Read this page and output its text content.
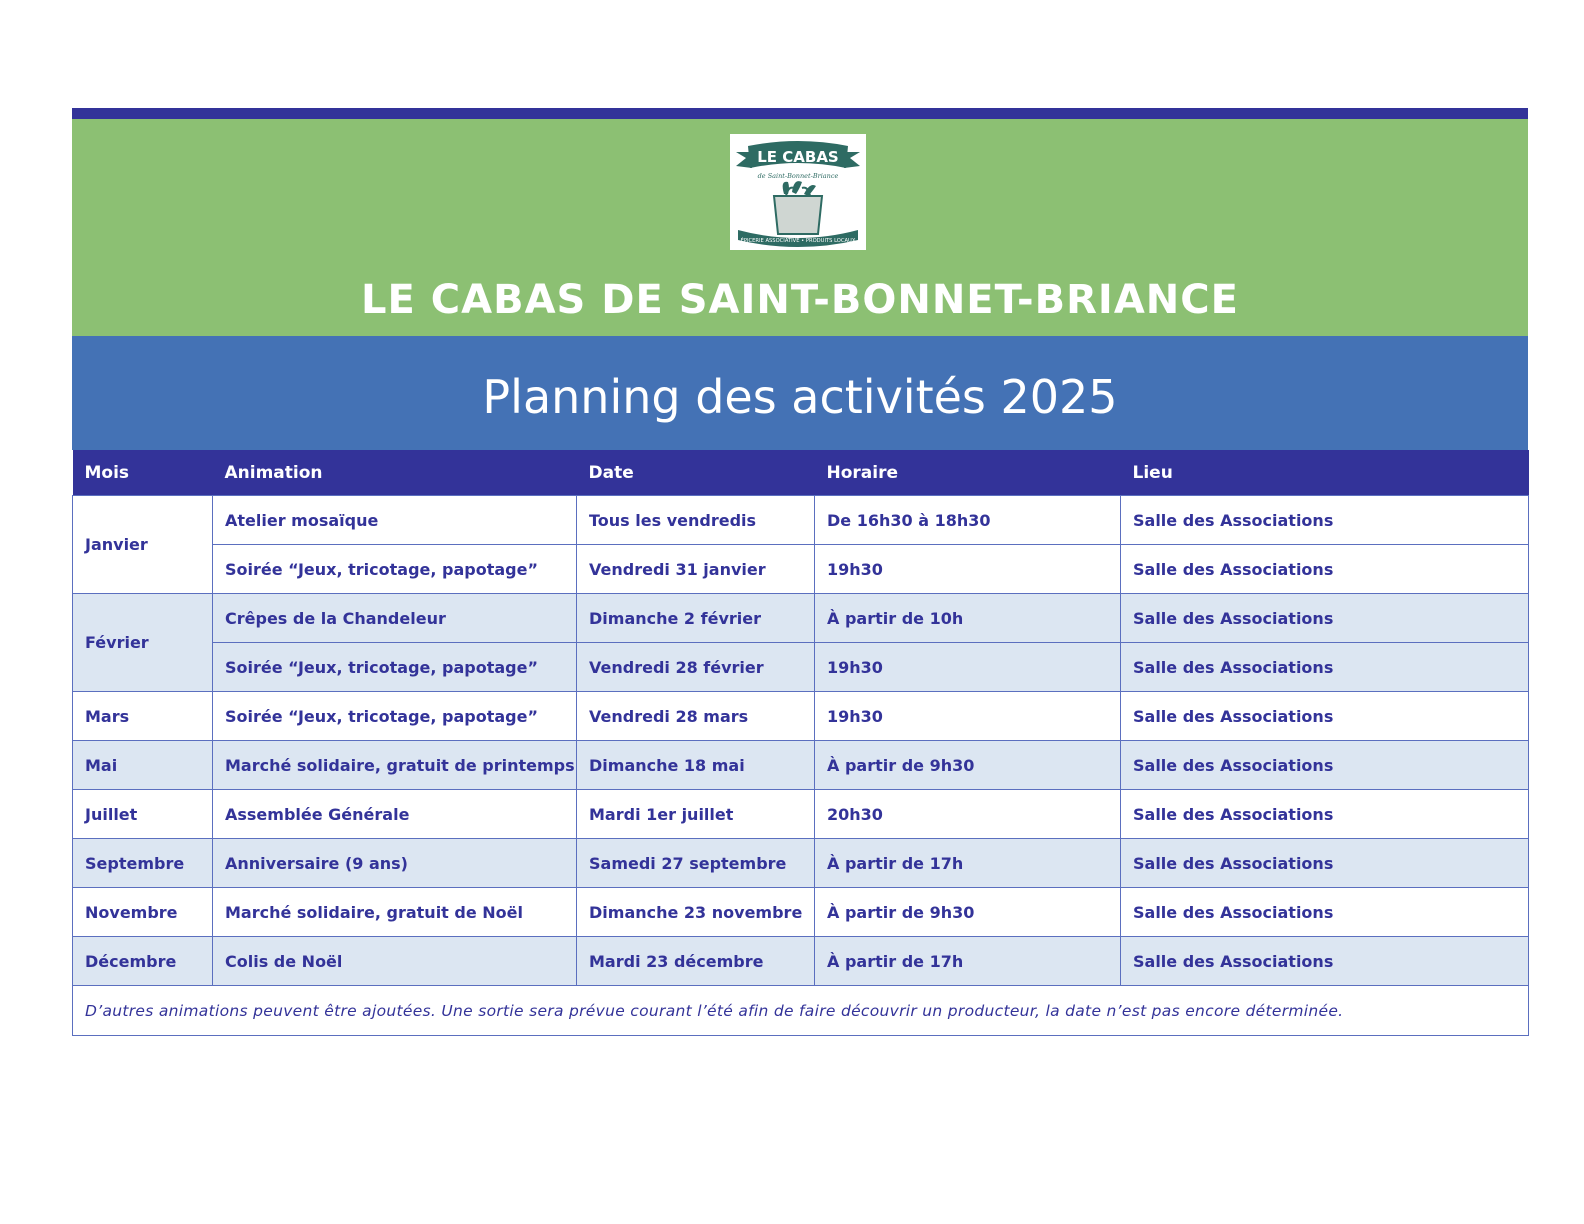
LE CABAS
de Saint-Bonnet-Briance
ÉPICERIE ASSOCIATIVE • PRODUITS LOCAUX
LE CABAS DE SAINT-BONNET-BRIANCE
Planning des activités 2025
Mois	Animation	Date	Horaire	Lieu
Janvier	Atelier mosaïque	Tous les vendredis	De 16h30 à 18h30	Salle des Associations
	Soirée “Jeux, tricotage, papotage”	Vendredi 31 janvier	19h30	Salle des Associations
Février	Crêpes de la Chandeleur	Dimanche 2 février	À partir de 10h	Salle des Associations
	Soirée “Jeux, tricotage, papotage”	Vendredi 28 février	19h30	Salle des Associations
Mars	Soirée “Jeux, tricotage, papotage”	Vendredi 28 mars	19h30	Salle des Associations
Mai	Marché solidaire, gratuit de printemps	Dimanche 18 mai	À partir de 9h30	Salle des Associations
Juillet	Assemblée Générale	Mardi 1er juillet	20h30	Salle des Associations
Septembre	Anniversaire (9 ans)	Samedi 27 septembre	À partir de 17h	Salle des Associations
Novembre	Marché solidaire, gratuit de Noël	Dimanche 23 novembre	À partir de 9h30	Salle des Associations
Décembre	Colis de Noël	Mardi 23 décembre	À partir de 17h	Salle des Associations
D’autres animations peuvent être ajoutées. Une sortie sera prévue courant l’été afin de faire découvrir un producteur, la date n’est pas encore déterminée.				
